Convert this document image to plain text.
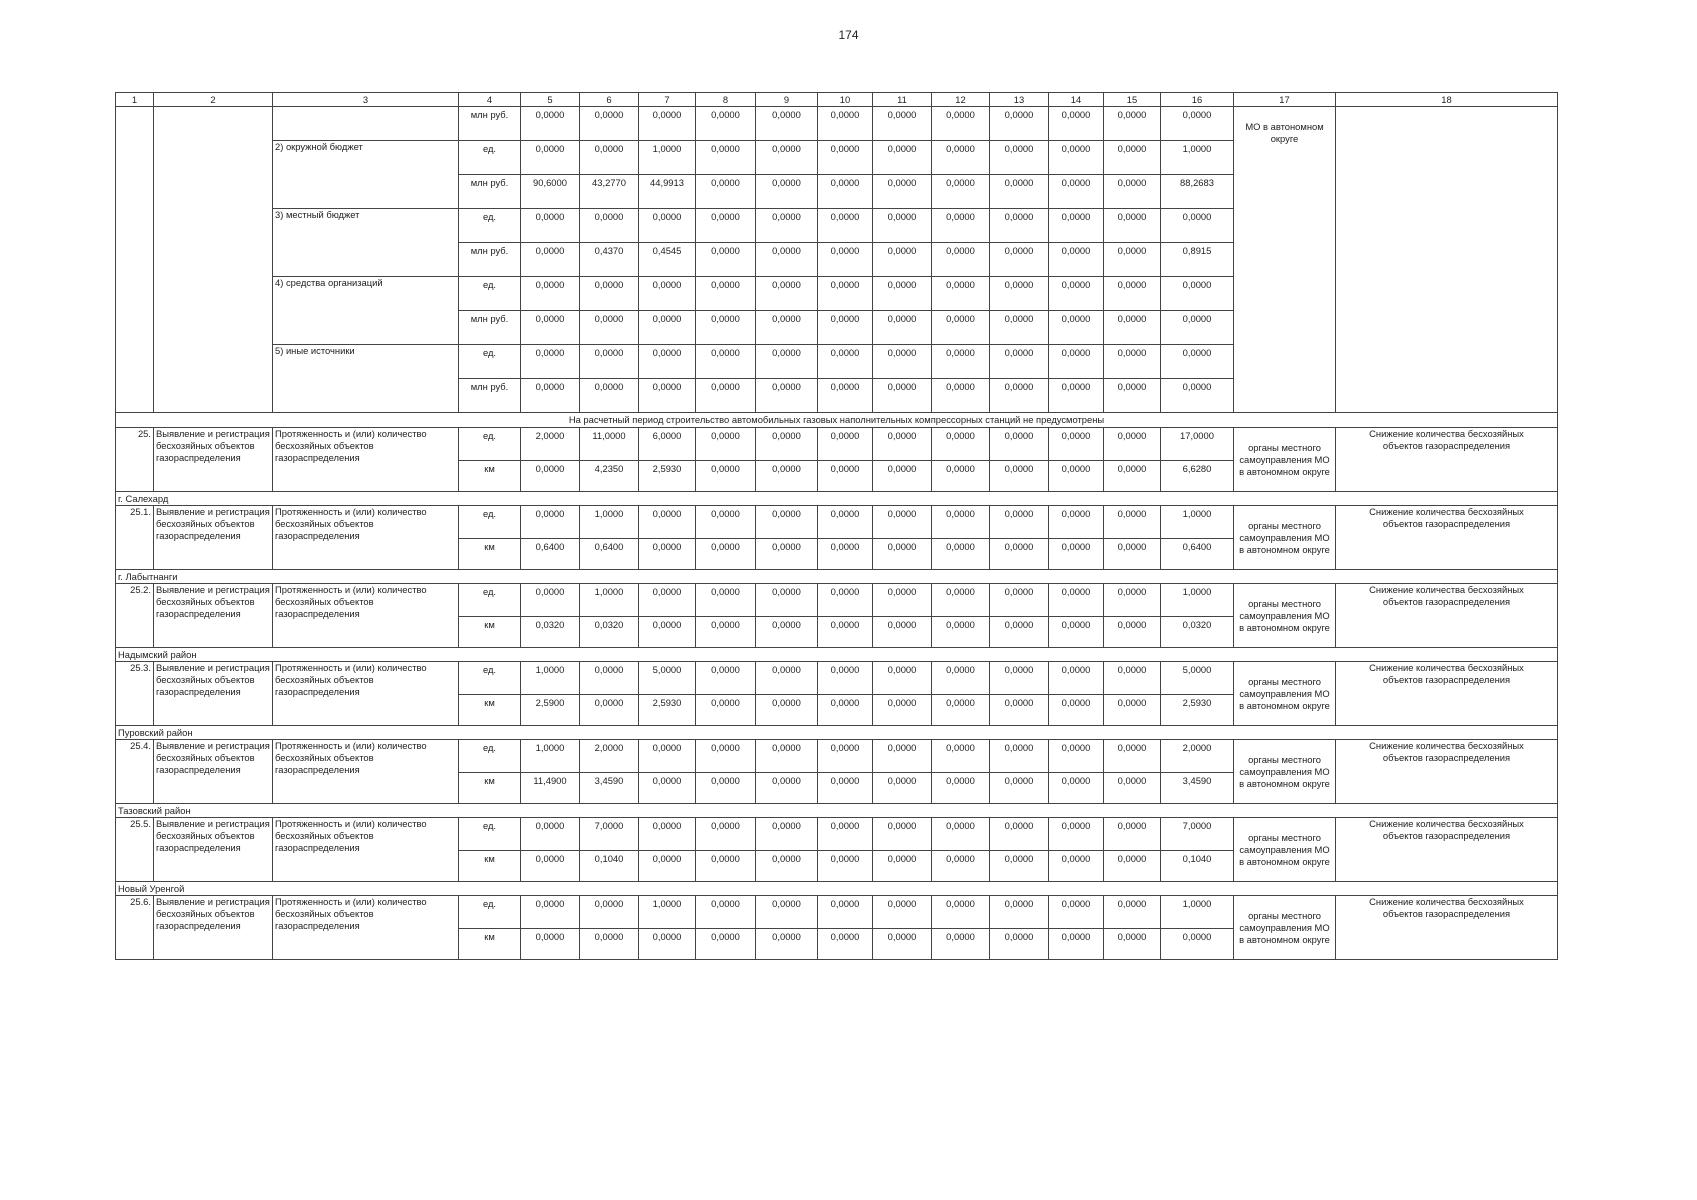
174
1	2	3	4	5	6	7	8	9	10	11	12	13	14	15	16	17	18
			млн руб.	0,0000	0,0000	0,0000	0,0000	0,0000	0,0000	0,0000	0,0000	0,0000	0,0000	0,0000	0,0000	МО в автономном округе	
		2) окружной бюджет	ед.	0,0000	0,0000	1,0000	0,0000	0,0000	0,0000	0,0000	0,0000	0,0000	0,0000	0,0000	1,0000		
			млн руб.	90,6000	43,2770	44,9913	0,0000	0,0000	0,0000	0,0000	0,0000	0,0000	0,0000	0,0000	88,2683		
		3) местный бюджет	ед.	0,0000	0,0000	0,0000	0,0000	0,0000	0,0000	0,0000	0,0000	0,0000	0,0000	0,0000	0,0000		
			млн руб.	0,0000	0,4370	0,4545	0,0000	0,0000	0,0000	0,0000	0,0000	0,0000	0,0000	0,0000	0,8915		
		4) средства организаций	ед.	0,0000	0,0000	0,0000	0,0000	0,0000	0,0000	0,0000	0,0000	0,0000	0,0000	0,0000	0,0000		
			млн руб.	0,0000	0,0000	0,0000	0,0000	0,0000	0,0000	0,0000	0,0000	0,0000	0,0000	0,0000	0,0000		
		5) иные источники	ед.	0,0000	0,0000	0,0000	0,0000	0,0000	0,0000	0,0000	0,0000	0,0000	0,0000	0,0000	0,0000		
			млн руб.	0,0000	0,0000	0,0000	0,0000	0,0000	0,0000	0,0000	0,0000	0,0000	0,0000	0,0000	0,0000		
На расчетный период строительство автомобильных газовых наполнительных компрессорных станций не предусмотрены																	
25.	Выявление и регистрация бесхозяйных объектов газораспределения	Протяженность и (или) количество бесхозяйных объектов газораспределения	ед.	2,0000	11,0000	6,0000	0,0000	0,0000	0,0000	0,0000	0,0000	0,0000	0,0000	0,0000	17,0000	органы местного самоуправления МО в автономном округе	Снижение количества бесхозяйных объектов газораспределения
			км	0,0000	4,2350	2,5930	0,0000	0,0000	0,0000	0,0000	0,0000	0,0000	0,0000	0,0000	6,6280		
г. Салехард																	
25.1.	Выявление и регистрация бесхозяйных объектов газораспределения	Протяженность и (или) количество бесхозяйных объектов газораспределения	ед.	0,0000	1,0000	0,0000	0,0000	0,0000	0,0000	0,0000	0,0000	0,0000	0,0000	0,0000	1,0000	органы местного самоуправления МО в автономном округе	Снижение количества бесхозяйных объектов газораспределения
			км	0,6400	0,6400	0,0000	0,0000	0,0000	0,0000	0,0000	0,0000	0,0000	0,0000	0,0000	0,6400		
г. Лабытнанги																	
25.2.	Выявление и регистрация бесхозяйных объектов газораспределения	Протяженность и (или) количество бесхозяйных объектов газораспределения	ед.	0,0000	1,0000	0,0000	0,0000	0,0000	0,0000	0,0000	0,0000	0,0000	0,0000	0,0000	1,0000	органы местного самоуправления МО в автономном округе	Снижение количества бесхозяйных объектов газораспределения
			км	0,0320	0,0320	0,0000	0,0000	0,0000	0,0000	0,0000	0,0000	0,0000	0,0000	0,0000	0,0320		
Надымский район																	
25.3.	Выявление и регистрация бесхозяйных объектов газораспределения	Протяженность и (или) количество бесхозяйных объектов газораспределения	ед.	1,0000	0,0000	5,0000	0,0000	0,0000	0,0000	0,0000	0,0000	0,0000	0,0000	0,0000	5,0000	органы местного самоуправления МО в автономном округе	Снижение количества бесхозяйных объектов газораспределения
			км	2,5900	0,0000	2,5930	0,0000	0,0000	0,0000	0,0000	0,0000	0,0000	0,0000	0,0000	2,5930		
Пуровский район																	
25.4.	Выявление и регистрация бесхозяйных объектов газораспределения	Протяженность и (или) количество бесхозяйных объектов газораспределения	ед.	1,0000	2,0000	0,0000	0,0000	0,0000	0,0000	0,0000	0,0000	0,0000	0,0000	0,0000	2,0000	органы местного самоуправления МО в автономном округе	Снижение количества бесхозяйных объектов газораспределения
			км	11,4900	3,4590	0,0000	0,0000	0,0000	0,0000	0,0000	0,0000	0,0000	0,0000	0,0000	3,4590		
Тазовский район																	
25.5.	Выявление и регистрация бесхозяйных объектов газораспределения	Протяженность и (или) количество бесхозяйных объектов газораспределения	ед.	0,0000	7,0000	0,0000	0,0000	0,0000	0,0000	0,0000	0,0000	0,0000	0,0000	0,0000	7,0000	органы местного самоуправления МО в автономном округе	Снижение количества бесхозяйных объектов газораспределения
			км	0,0000	0,1040	0,0000	0,0000	0,0000	0,0000	0,0000	0,0000	0,0000	0,0000	0,0000	0,1040		
Новый Уренгой																	
25.6.	Выявление и регистрация бесхозяйных объектов газораспределения	Протяженность и (или) количество бесхозяйных объектов газораспределения	ед.	0,0000	0,0000	1,0000	0,0000	0,0000	0,0000	0,0000	0,0000	0,0000	0,0000	0,0000	1,0000	органы местного самоуправления МО в автономном округе	Снижение количества бесхозяйных объектов газораспределения
			км	0,0000	0,0000	0,0000	0,0000	0,0000	0,0000	0,0000	0,0000	0,0000	0,0000	0,0000	0,0000		
